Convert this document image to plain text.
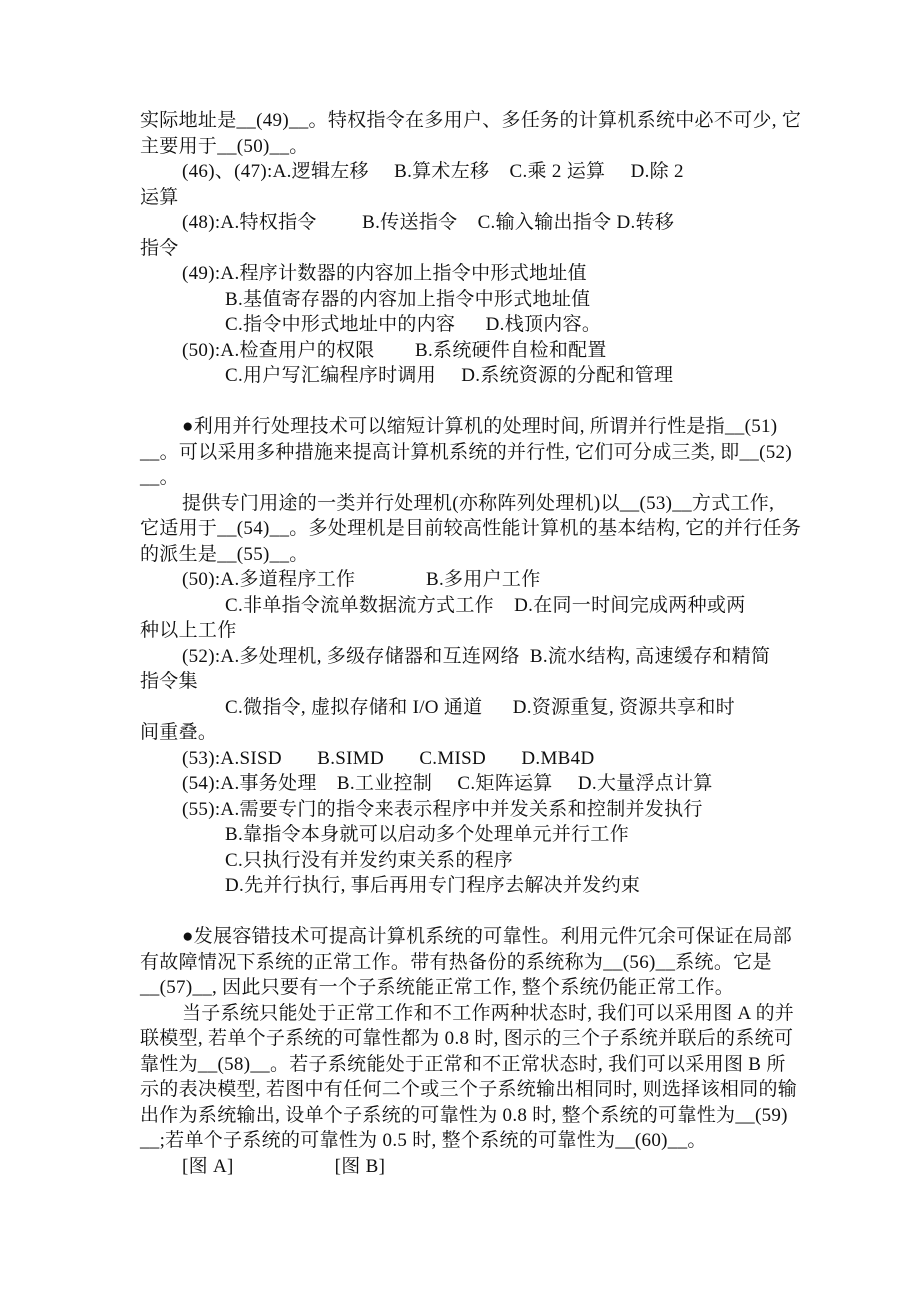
实际地址是__(49)__。特权指令在多用户、多任务的计算机系统中必不可少, 它
主要用于__(50)__。
(46)、(47):A.逻辑左移     B.算术左移    C.乘 2 运算     D.除 2
运算
(48):A.特权指令         B.传送指令    C.输入输出指令 D.转移
指令
(49):A.程序计数器的内容加上指令中形式地址值
B.基值寄存器的内容加上指令中形式地址值
C.指令中形式地址中的内容      D.栈顶内容。
(50):A.检查用户的权限        B.系统硬件自检和配置
C.用户写汇编程序时调用     D.系统资源的分配和管理
●利用并行处理技术可以缩短计算机的处理时间, 所谓并行性是指__(51)
__。可以采用多种措施来提高计算机系统的并行性, 它们可分成三类, 即__(52)
__。
提供专门用途的一类并行处理机(亦称阵列处理机)以__(53)__方式工作,
它适用于__(54)__。多处理机是目前较高性能计算机的基本结构, 它的并行任务
的派生是__(55)__。
(50):A.多道程序工作              B.多用户工作
C.非单指令流单数据流方式工作    D.在同一时间完成两种或两
种以上工作
(52):A.多处理机, 多级存储器和互连网络  B.流水结构, 高速缓存和精简
指令集
C.微指令, 虚拟存储和 I/O 通道      D.资源重复, 资源共享和时
间重叠。
(53):A.SISD       B.SIMD       C.MISD       D.MB4D
(54):A.事务处理    B.工业控制     C.矩阵运算     D.大量浮点计算
(55):A.需要专门的指令来表示程序中并发关系和控制并发执行
B.靠指令本身就可以启动多个处理单元并行工作
C.只执行没有并发约束关系的程序
D.先并行执行, 事后再用专门程序去解决并发约束
●发展容错技术可提高计算机系统的可靠性。利用元件冗余可保证在局部
有故障情况下系统的正常工作。带有热备份的系统称为__(56)__系统。它是
__(57)__, 因此只要有一个子系统能正常工作, 整个系统仍能正常工作。
当子系统只能处于正常工作和不工作两种状态时, 我们可以采用图 A 的并
联模型, 若单个子系统的可靠性都为 0.8 时, 图示的三个子系统并联后的系统可
靠性为__(58)__。若子系统能处于正常和不正常状态时, 我们可以采用图 B 所
示的表决模型, 若图中有任何二个或三个子系统输出相同时, 则选择该相同的输
出作为系统输出, 设单个子系统的可靠性为 0.8 时, 整个系统的可靠性为__(59)
__;若单个子系统的可靠性为 0.5 时, 整个系统的可靠性为__(60)__。
[图 A]                    [图 B]
